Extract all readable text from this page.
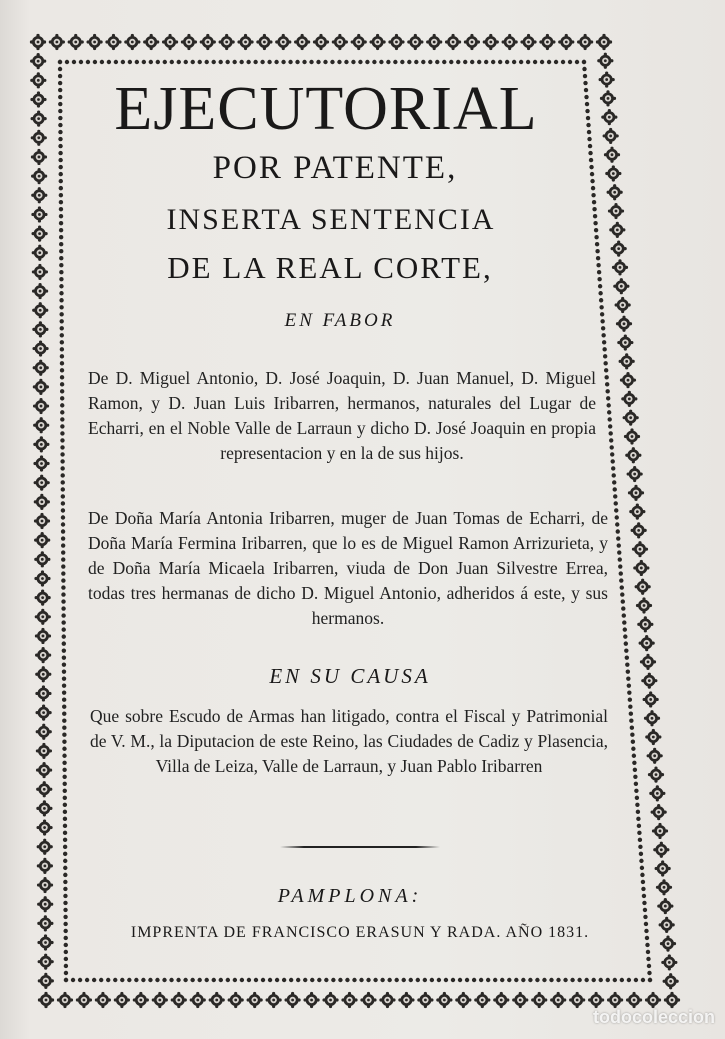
EJECUTORIAL
POR PATENTE,
INSERTA SENTENCIA
DE LA REAL CORTE,
EN FABOR
De D. Miguel Antonio, D. José Joaquin, D. Juan Manuel, D. Miguel Ramon, y D. Juan Luis Iribarren, hermanos, naturales del Lugar de Echarri, en el Noble Valle de Larraun y dicho D. José Joaquin en propia representacion y en la de sus hijos.
De Doña María Antonia Iribarren, muger de Juan Tomas de Echarri, de Doña María Fermina Iribarren, que lo es de Miguel Ramon Arrizurieta, y de Doña María Micaela Iribarren, viuda de Don Juan Silvestre Errea, todas tres hermanas de dicho D. Miguel Antonio, adheridos á este, y sus hermanos.
EN SU CAUSA
Que sobre Escudo de Armas han litigado, contra el Fiscal y Patrimonial de V. M., la Diputacion de este Reino, las Ciudades de Cadiz y Plasencia, Villa de Leiza, Valle de Larraun, y Juan Pablo Iribarren
PAMPLONA:
IMPRENTA DE FRANCISCO ERASUN Y RADA. AÑO 1831.
todocoleccion
